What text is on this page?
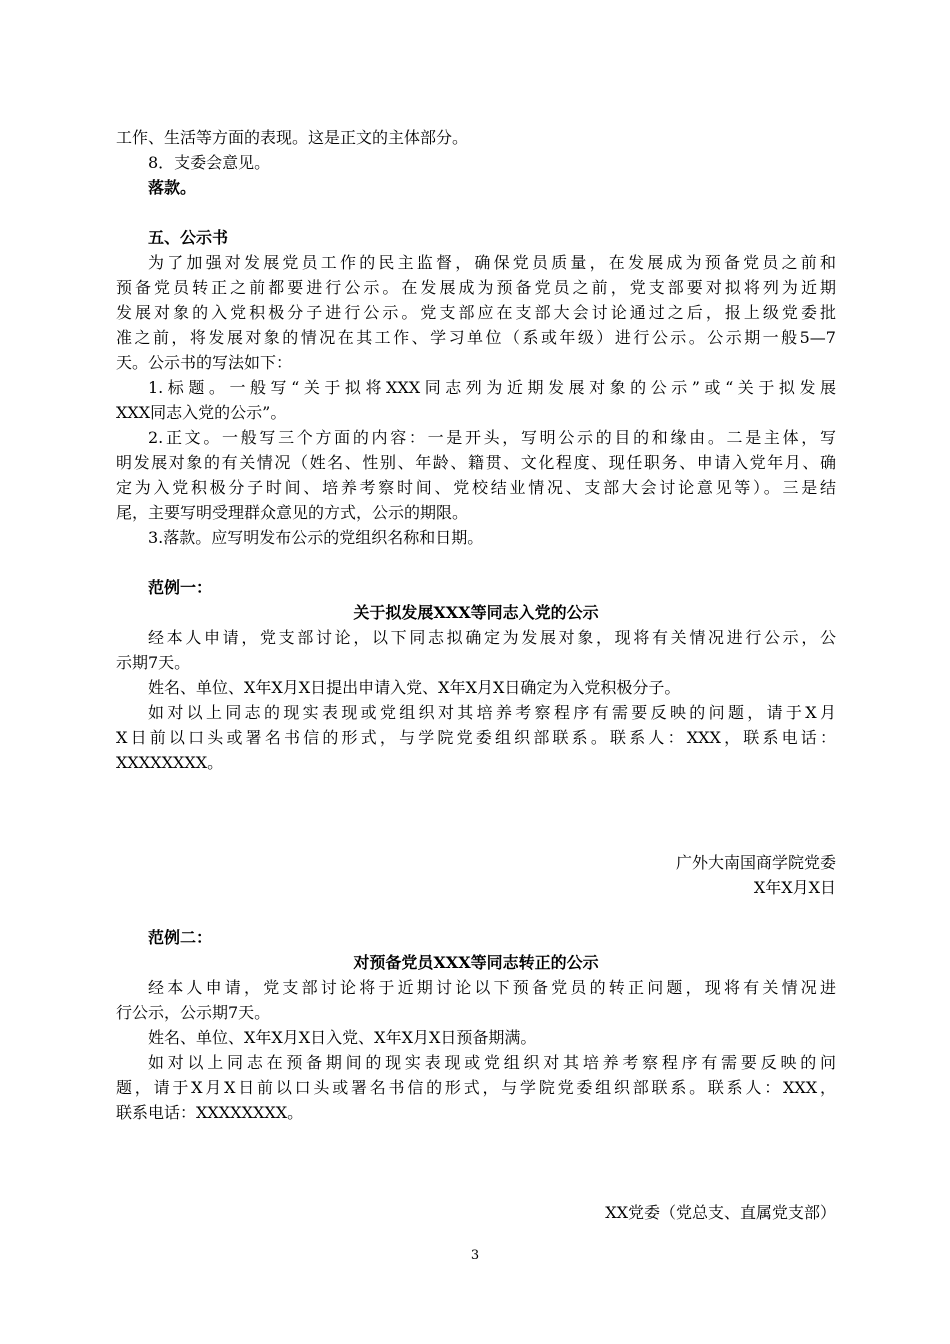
工作、生活等方面的表现。这是正文的主体部分。
8．支委会意见。
落款。
五、公示书
为了加强对发展党员工作的民主监督，确保党员质量，在发展成为预备党员之前和
预备党员转正之前都要进行公示。在发展成为预备党员之前，党支部要对拟将列为近期
发展对象的入党积极分子进行公示。党支部应在支部大会讨论通过之后，报上级党委批
准之前，将发展对象的情况在其工作、学习单位（系或年级）进行公示。公示期一般5—7
天。公示书的写法如下：
1.标题。一般写“关于拟将XXX同志列为近期发展对象的公示”或“关于拟发展
XXX同志入党的公示”。
2.正文。一般写三个方面的内容：一是开头，写明公示的目的和缘由。二是主体，写
明发展对象的有关情况（姓名、性别、年龄、籍贯、文化程度、现任职务、申请入党年月、确
定为入党积极分子时间、培养考察时间、党校结业情况、支部大会讨论意见等）。三是结
尾，主要写明受理群众意见的方式，公示的期限。
3.落款。应写明发布公示的党组织名称和日期。
范例一：
关于拟发展XXX等同志入党的公示
经本人申请，党支部讨论，以下同志拟确定为发展对象，现将有关情况进行公示，公
示期7天。
姓名、单位、X年X月X日提出申请入党、X年X月X日确定为入党积极分子。
如对以上同志的现实表现或党组织对其培养考察程序有需要反映的问题，请于X月
X日前以口头或署名书信的形式，与学院党委组织部联系。联系人：XXX，联系电话：
XXXXXXXX。
广外大南国商学院党委
X年X月X日
范例二：
对预备党员XXX等同志转正的公示
经本人申请，党支部讨论将于近期讨论以下预备党员的转正问题，现将有关情况进
行公示，公示期7天。
姓名、单位、X年X月X日入党、X年X月X日预备期满。
如对以上同志在预备期间的现实表现或党组织对其培养考察程序有需要反映的问
题，请于X月X日前以口头或署名书信的形式，与学院党委组织部联系。联系人：XXX，
联系电话：XXXXXXXX。
XX党委（党总支、直属党支部）
3
